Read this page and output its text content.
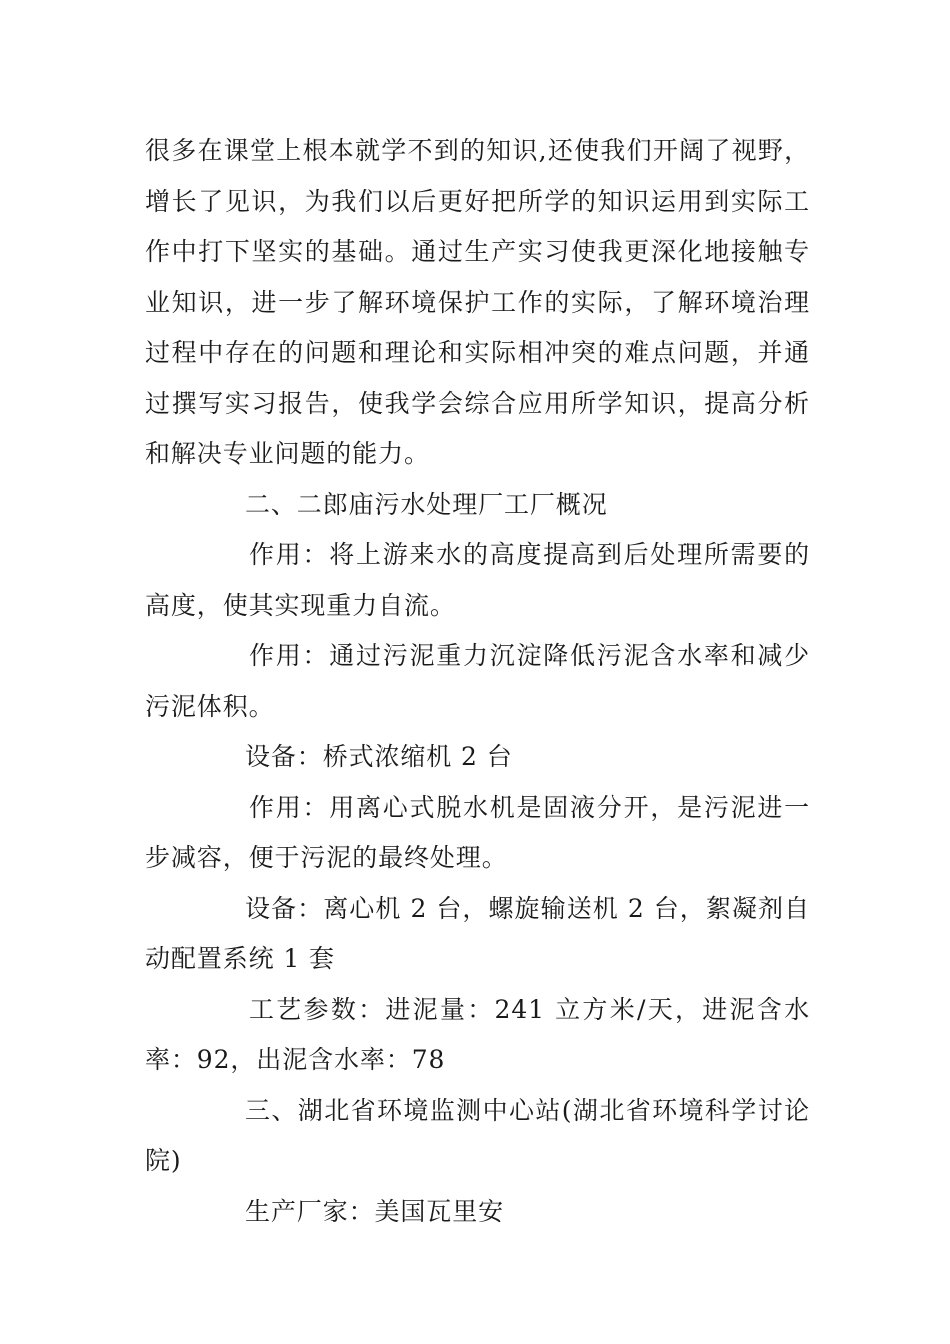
很多在课堂上根本就学不到的知识,还使我们开阔了视野，增长了见识，为我们以后更好把所学的知识运用到实际工作中打下坚实的基础。通过生产实习使我更深化地接触专业知识，进一步了解环境保护工作的实际，了解环境治理过程中存在的问题和理论和实际相冲突的难点问题，并通过撰写实习报告，使我学会综合应用所学知识，提高分析和解决专业问题的能力。

二、二郎庙污水处理厂工厂概况

作用：将上游来水的高度提高到后处理所需要的高度，使其实现重力自流。

作用：通过污泥重力沉淀降低污泥含水率和减少污泥体积。

设备：桥式浓缩机 2 台

作用：用离心式脱水机是固液分开，是污泥进一步减容，便于污泥的最终处理。

设备：离心机 2 台，螺旋输送机 2 台，絮凝剂自动配置系统 1 套

工艺参数：进泥量：241 立方米/天，进泥含水率：92，出泥含水率：78

三、湖北省环境监测中心站(湖北省环境科学讨论院)

生产厂家：美国瓦里安
